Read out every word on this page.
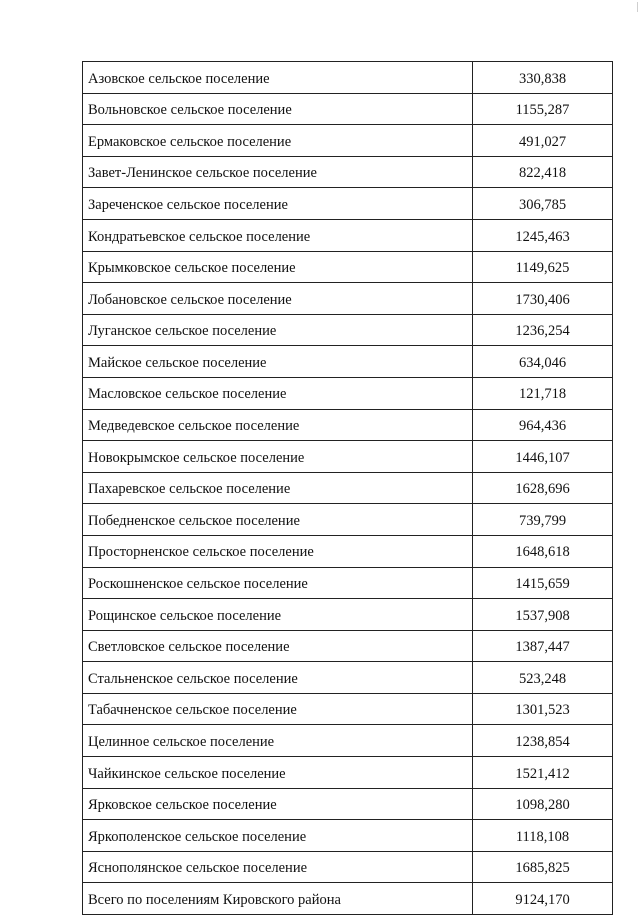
Азовское сельское поселение	330,838
Вольновское сельское поселение	1155,287
Ермаковское сельское поселение	491,027
Завет-Ленинское сельское поселение	822,418
Зареченское сельское поселение	306,785
Кондратьевское сельское поселение	1245,463
Крымковское сельское поселение	1149,625
Лобановское сельское поселение	1730,406
Луганское сельское поселение	1236,254
Майское сельское поселение	634,046
Масловское сельское поселение	121,718
Медведевское сельское поселение	964,436
Новокрымское сельское поселение	1446,107
Пахаревское сельское поселение	1628,696
Победненское сельское поселение	739,799
Просторненское сельское поселение	1648,618
Роскошненское сельское поселение	1415,659
Рощинское сельское поселение	1537,908
Светловское сельское поселение	1387,447
Стальненское сельское поселение	523,248
Табачненское сельское поселение	1301,523
Целинное сельское поселение	1238,854
Чайкинское сельское поселение	1521,412
Ярковское сельское поселение	1098,280
Яркополенское сельское поселение	1118,108
Яснополянское сельское поселение	1685,825
Всего по поселениям Кировского района	9124,170
